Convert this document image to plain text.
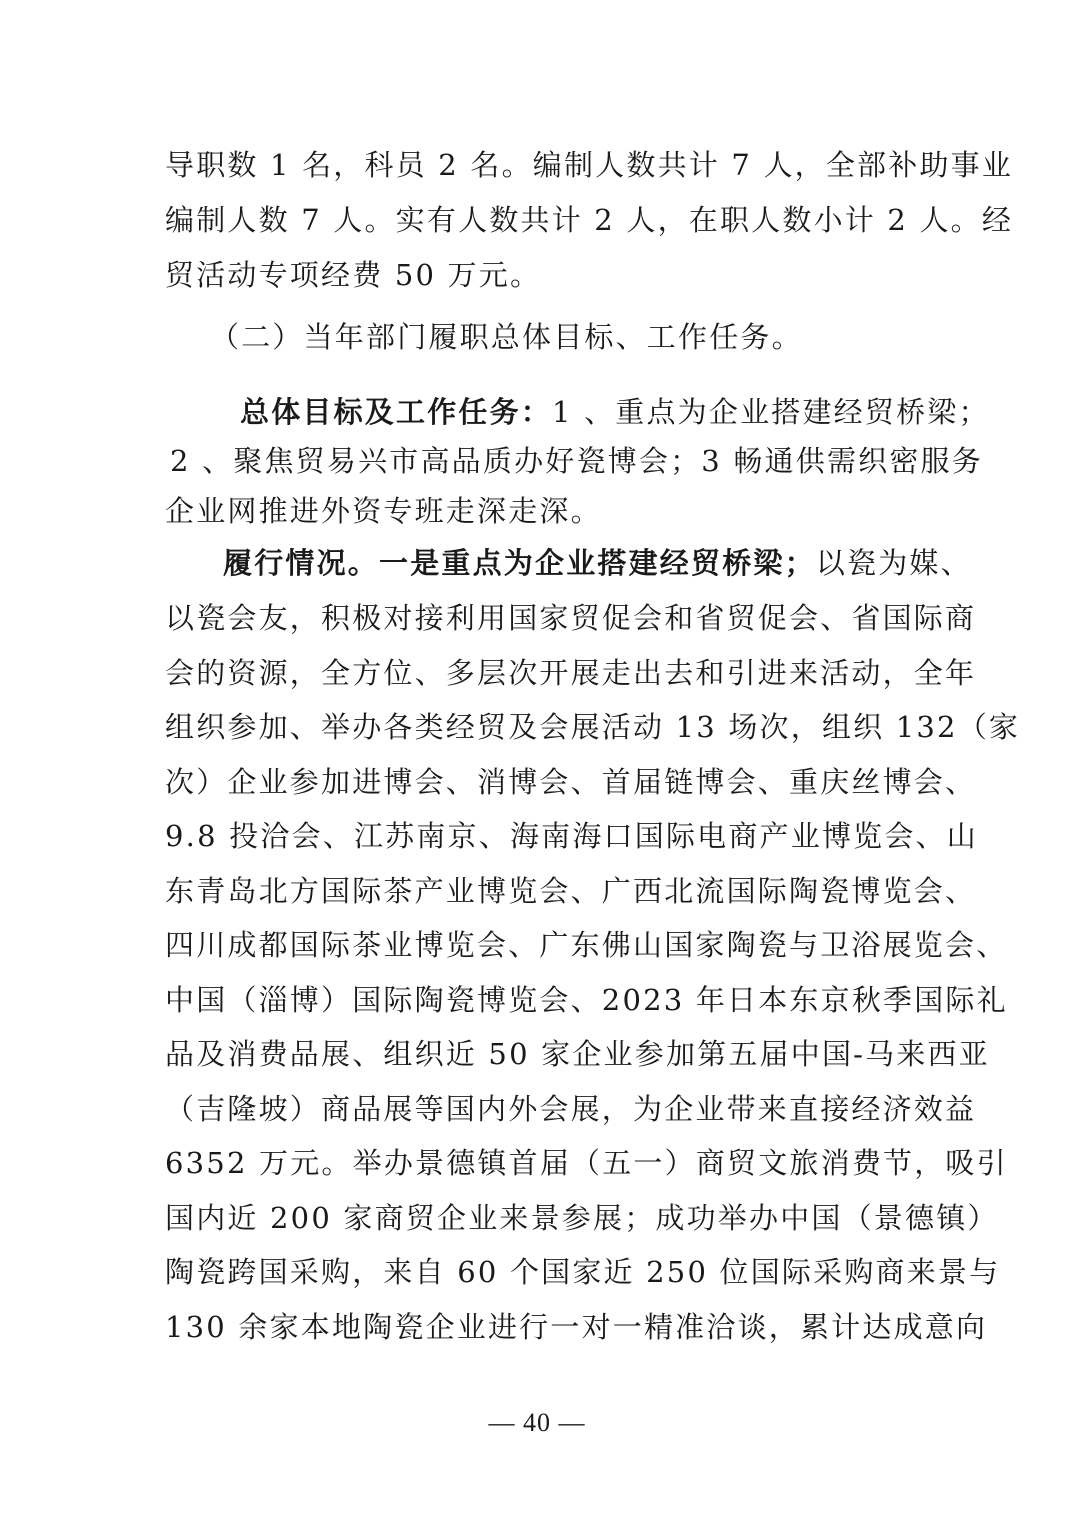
导职数 1 名，科员 2 名。编制人数共计 7 人，全部补助事业
编制人数 7 人。实有人数共计 2 人，在职人数小计 2 人。经
贸活动专项经费 50 万元。
（二）当年部门履职总体目标、工作任务。
总体目标及工作任务：1 、重点为企业搭建经贸桥梁；
2 、聚焦贸易兴市高品质办好瓷博会；3 畅通供需织密服务
企业网推进外资专班走深走深。
履行情况。一是重点为企业搭建经贸桥梁；以瓷为媒、
以瓷会友，积极对接利用国家贸促会和省贸促会、省国际商
会的资源，全方位、多层次开展走出去和引进来活动，全年
组织参加、举办各类经贸及会展活动 13 场次，组织 132（家
次）企业参加进博会、消博会、首届链博会、重庆丝博会、
9.8 投洽会、江苏南京、海南海口国际电商产业博览会、山
东青岛北方国际茶产业博览会、广西北流国际陶瓷博览会、
四川成都国际茶业博览会、广东佛山国家陶瓷与卫浴展览会、
中国（淄博）国际陶瓷博览会、2023 年日本东京秋季国际礼
品及消费品展、组织近 50 家企业参加第五届中国-马来西亚
（吉隆坡）商品展等国内外会展，为企业带来直接经济效益
6352 万元。举办景德镇首届（五一）商贸文旅消费节，吸引
国内近 200 家商贸企业来景参展；成功举办中国（景德镇）
陶瓷跨国采购，来自 60 个国家近 250 位国际采购商来景与
130 余家本地陶瓷企业进行一对一精准洽谈，累计达成意向
— 40 —
